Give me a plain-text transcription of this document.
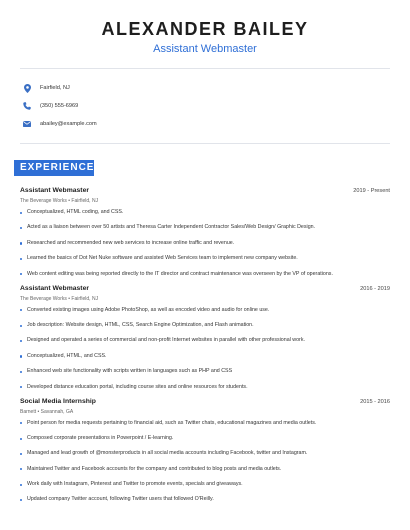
ALEXANDER BAILEY
Assistant Webmaster
Fairfield, NJ
(350) 555-6969
abailey@example.com
EXPERIENCE
Assistant Webmaster	2019 - Present
The Beverage Works • Fairfield, NJ
Conceptualized, HTML coding, and CSS.
Acted as a liaison between over 50 artists and Theresa Carter Independent Contractor Sales/Web Design/ Graphic Design.
Researched and recommended new web services to increase online traffic and revenue.
Learned the basics of Dot Net Nuke software and assisted Web Services team to implement new company website.
Web content editing was being reported directly to the IT director and contract maintenance was overseen by the VP of operations.
Assistant Webmaster	2016 - 2019
The Beverage Works • Fairfield, NJ
Converted existing images using Adobe PhotoShop, as well as encoded video and audio for online use.
Job description: Website design, HTML, CSS, Search Engine Optimization, and Flash animation.
Designed and operated a series of commercial and non-profit Internet websites in parallel with other professional work.
Conceptualized, HTML, and CSS.
Enhanced web site functionality with scripts written in languages such as PHP and CSS
Developed distance education portal, including course sites and online resources for students.
Social Media Internship	2015 - 2016
Barnett • Savannah, GA
Point person for media requests pertaining to financial aid, such as Twitter chats, educational magazines and media outlets.
Composed corporate presentations in Powerpoint / E-learning.
Managed and lead growth of @monsterproducts in all social media accounts including Facebook, twitter and Instagram.
Maintained Twitter and Facebook accounts for the company and contributed to blog posts and media outlets.
Work daily with Instagram, Pinterest and Twitter to promote events, specials and giveaways.
Updated company Twitter account, following Twitter users that followed O'Reilly.
